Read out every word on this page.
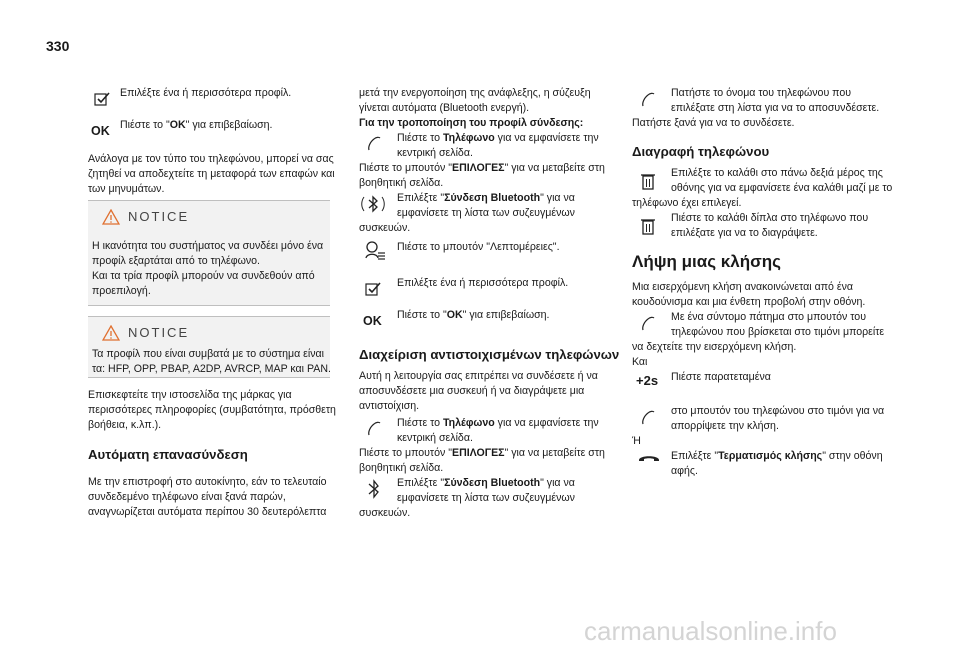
330
Επιλέξτε ένα ή περισσότερα προφίλ.
OK Πιέστε το "OK" για επιβεβαίωση.
Ανάλογα με τον τύπο του τηλεφώνου, μπορεί να σας
ζητηθεί να αποδεχτείτε τη μεταφορά των επαφών και
των μηνυμάτων.
NOTICE
Η ικανότητα του συστήματος να συνδέει μόνο ένα
προφίλ εξαρτάται από το τηλέφωνο.
Και τα τρία προφίλ μπορούν να συνδεθούν από
προεπιλογή.
NOTICE
Τα προφίλ που είναι συμβατά με το σύστημα είναι
τα: HFP, OPP, PBAP, A2DP, AVRCP, MAP και PAN.
Επισκεφτείτε την ιστοσελίδα της μάρκας για
περισσότερες πληροφορίες (συμβατότητα, πρόσθετη
βοήθεια, κ.λπ.).
Αυτόματη επανασύνδεση
Με την επιστροφή στο αυτοκίνητο, εάν το τελευταίο
συνδεδεμένο τηλέφωνο είναι ξανά παρών,
αναγνωρίζεται αυτόματα περίπου 30 δευτερόλεπτα
μετά την ενεργοποίηση της ανάφλεξης, η σύζευξη
γίνεται αυτόματα (Bluetooth ενεργή).
Για την τροποποίηση του προφίλ σύνδεσης:
Πιέστε το Τηλέφωνο για να εμφανίσετε την
κεντρική σελίδα.
Πιέστε το μπουτόν "ΕΠΙΛΟΓΕΣ" για να μεταβείτε στη
βοηθητική σελίδα.
Επιλέξτε "Σύνδεση Bluetooth" για να
εμφανίσετε τη λίστα των συζευγμένων
συσκευών.
Πιέστε το μπουτόν "Λεπτομέρειες".
Επιλέξτε ένα ή περισσότερα προφίλ.
OK Πιέστε το "OK" για επιβεβαίωση.
Διαχείριση αντιστοιχισμένων τηλεφώνων
Αυτή η λειτουργία σας επιτρέπει να συνδέσετε ή να
αποσυνδέσετε μια συσκευή ή να διαγράψετε μια
αντιστοίχιση.
Πιέστε το Τηλέφωνο για να εμφανίσετε την
κεντρική σελίδα.
Πιέστε το μπουτόν "ΕΠΙΛΟΓΕΣ" για να μεταβείτε στη
βοηθητική σελίδα.
Επιλέξτε "Σύνδεση Bluetooth" για να
εμφανίσετε τη λίστα των συζευγμένων
συσκευών.
Πατήστε το όνομα του τηλεφώνου που
επιλέξατε στη λίστα για να το αποσυνδέσετε.
Πατήστε ξανά για να το συνδέσετε.
Διαγραφή τηλεφώνου
Επιλέξτε το καλάθι στο πάνω δεξιά μέρος της
οθόνης για να εμφανίσετε ένα καλάθι μαζί με το
τηλέφωνο έχει επιλεγεί.
Πιέστε το καλάθι δίπλα στο τηλέφωνο που
επιλέξατε για να το διαγράψετε.
Λήψη μιας κλήσης
Μια εισερχόμενη κλήση ανακοινώνεται από ένα
κουδούνισμα και μια ένθετη προβολή στην οθόνη.
Με ένα σύντομο πάτημα στο μπουτόν του
τηλεφώνου που βρίσκεται στο τιμόνι μπορείτε
να δεχτείτε την εισερχόμενη κλήση.
Και
+2s Πιέστε παρατεταμένα
στο μπουτόν του τηλεφώνου στο τιμόνι για να
απορρίψετε την κλήση.
Ή
Επιλέξτε "Τερματισμός κλήσης" στην οθόνη
αφής.
carmanualsonline.info
